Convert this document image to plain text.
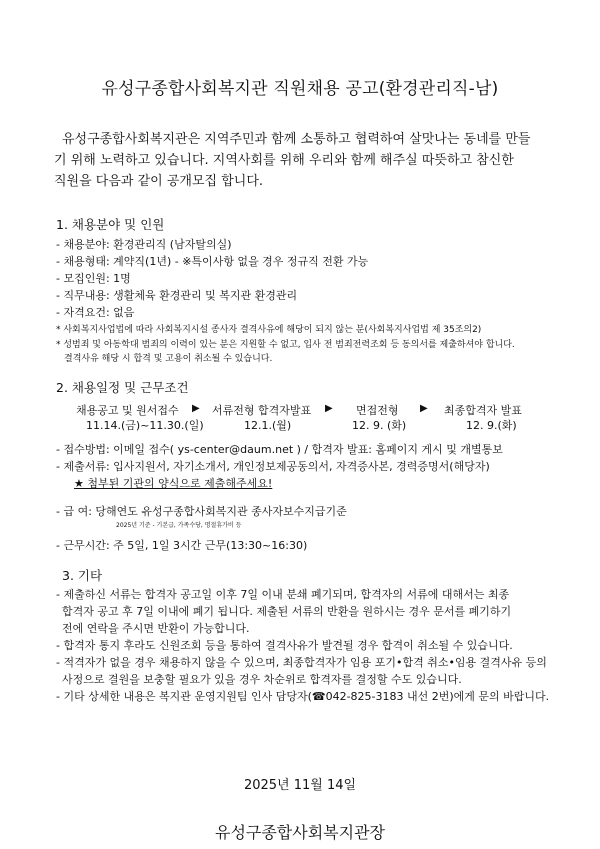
유성구종합사회복지관 직원채용 공고(환경관리직-남)
유성구종합사회복지관은 지역주민과 함께 소통하고 협력하여 살맛나는 동네를 만들
기 위해 노력하고 있습니다. 지역사회를 위해 우리와 함께 해주실 따뜻하고 참신한
직원을 다음과 같이 공개모집 합니다.
1. 채용분야 및 인원
- 채용분야: 환경관리직 (남자탈의실)
- 채용형태: 계약직(1년) - ※특이사항 없을 경우 정규직 전환 가능
- 모집인원: 1명
- 직무내용: 생활체육 환경관리 및 복지관 환경관리
- 자격요건: 없음
* 사회복지사업법에 따라 사회복지시설 종사자 결격사유에 해당이 되지 않는 분(사회복지사업법 제 35조의2)
* 성범죄 및 아동학대 범죄의 이력이 있는 분은 지원할 수 없고, 입사 전 범죄전력조회 등 동의서를 제출하셔야 합니다.
결격사유 해당 시 합격 및 고용이 취소될 수 있습니다.
2. 채용일정 및 근무조건
채용공고 및 원서접수
11.14.(금)~11.30.(일)
▶ 서류전형 합격자발표
12.1.(월)
▶ 면접전형
12. 9. (화)
▶ 최종합격자 발표
12. 9.(화)
- 접수방법: 이메일 접수( ys-center@daum.net ) / 합격자 발표: 홈페이지 게시 및 개별통보
- 제출서류: 입사지원서, 자기소개서, 개인정보제공동의서, 자격증사본, 경력증명서(해당자)
★ 첨부된 기관의 양식으로 제출해주세요!
- 급 여: 당해연도 유성구종합사회복지관 종사자보수지급기준
2025년 기준 - 기본급, 가족수당, 명절휴가비 등
- 근무시간: 주 5일, 1일 3시간 근무(13:30~16:30)
3. 기타
- 제출하신 서류는 합격자 공고일 이후 7일 이내 분쇄 폐기되며, 합격자의 서류에 대해서는 최종
합격자 공고 후 7일 이내에 폐기 됩니다. 제출된 서류의 반환을 원하시는 경우 문서를 폐기하기
전에 연락을 주시면 반환이 가능합니다.
- 합격자 통지 후라도 신원조회 등을 통하여 결격사유가 발견될 경우 합격이 취소될 수 있습니다.
- 적격자가 없을 경우 채용하지 않을 수 있으며, 최종합격자가 임용 포기•합격 취소•임용 결격사유 등의
사정으로 결원을 보충할 필요가 있을 경우 차순위로 합격자를 결정할 수도 있습니다.
- 기타 상세한 내용은 복지관 운영지원팀 인사 담당자(☎042-825-3183 내선 2번)에게 문의 바랍니다.
2025년 11월 14일
유성구종합사회복지관장
